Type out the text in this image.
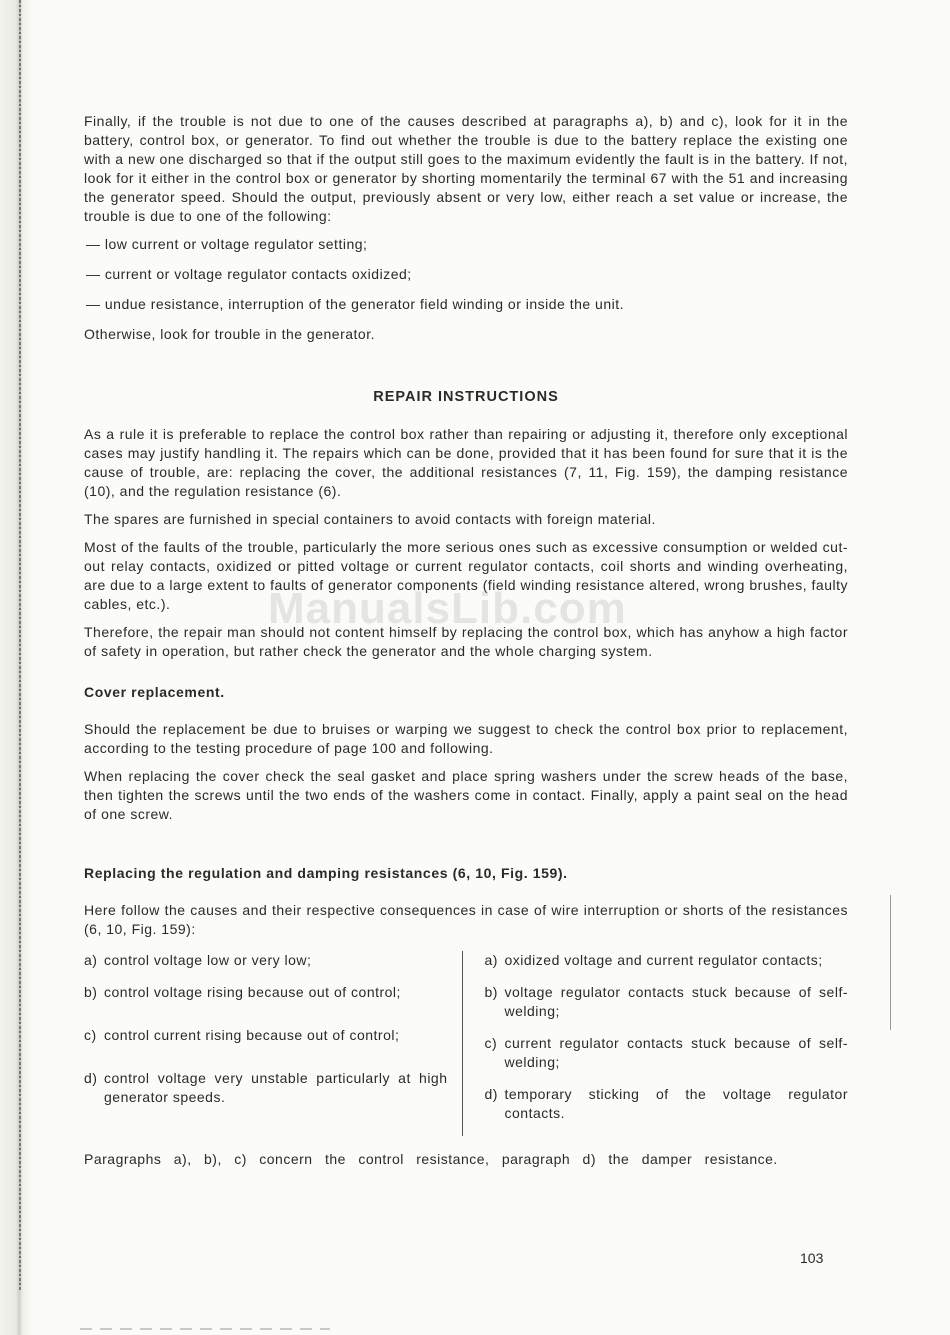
Finally, if the trouble is not due to one of the causes described at paragraphs a), b) and c), look for it in the battery, control box, or generator. To find out whether the trouble is due to the battery replace the existing one with a new one discharged so that if the output still goes to the maximum evidently the fault is in the battery. If not, look for it either in the control box or generator by shorting momentarily the terminal 67 with the 51 and increasing the generator speed. Should the output, previously absent or very low, either reach a set value or increase, the trouble is due to one of the following:

— low current or voltage regulator setting;

— current or voltage regulator contacts oxidized;

— undue resistance, interruption of the generator field winding or inside the unit.

Otherwise, look for trouble in the generator.

REPAIR INSTRUCTIONS

As a rule it is preferable to replace the control box rather than repairing or adjusting it, therefore only exceptional cases may justify handling it. The repairs which can be done, provided that it has been found for sure that it is the cause of trouble, are: replacing the cover, the additional resistances (7, 11, Fig. 159), the damping resistance (10), and the regulation resistance (6).

The spares are furnished in special containers to avoid contacts with foreign material.

Most of the faults of the trouble, particularly the more serious ones such as excessive consumption or welded cut-out relay contacts, oxidized or pitted voltage or current regulator contacts, coil shorts and winding overheating, are due to a large extent to faults of generator components (field winding resistance altered, wrong brushes, faulty cables, etc.).

Therefore, the repair man should not content himself by replacing the control box, which has anyhow a high factor of safety in operation, but rather check the generator and the whole charging system.

Cover replacement.

Should the replacement be due to bruises or warping we suggest to check the control box prior to replacement, according to the testing procedure of page 100 and following.

When replacing the cover check the seal gasket and place spring washers under the screw heads of the base, then tighten the screws until the two ends of the washers come in contact. Finally, apply a paint seal on the head of one screw.

Replacing the regulation and damping resistances (6, 10, Fig. 159).

Here follow the causes and their respective consequences in case of wire interruption or shorts of the resistances (6, 10, Fig. 159):

a) control voltage low or very low;
b) control voltage rising because out of control;
c) control current rising because out of control;
d) control voltage very unstable particularly at high generator speeds.
a) oxidized voltage and current regulator contacts;
b) voltage regulator contacts stuck because of self-welding;
c) current regulator contacts stuck because of self-welding;
d) temporary sticking of the voltage regulator contacts.

Paragraphs a), b), c) concern the control resistance, paragraph d) the damper resistance.

ManualsLib.com
103
